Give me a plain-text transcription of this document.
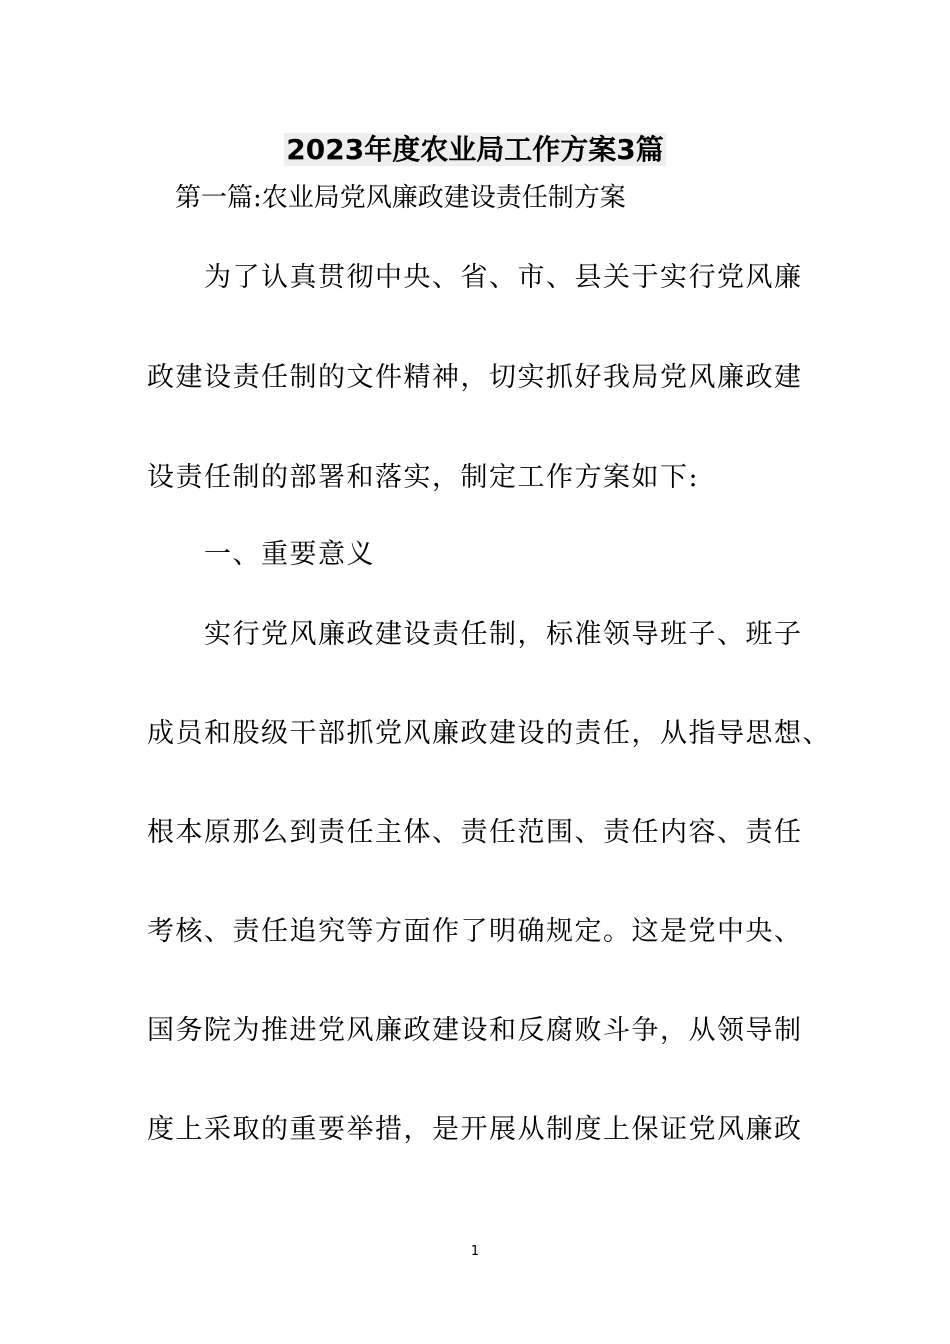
2023年度农业局工作方案3篇

第一篇:农业局党风廉政建设责任制方案

为了认真贯彻中央、省、市、县关于实行党风廉

政建设责任制的文件精神，切实抓好我局党风廉政建

设责任制的部署和落实，制定工作方案如下:

一、重要意义

实行党风廉政建设责任制，标准领导班子、班子

成员和股级干部抓党风廉政建设的责任，从指导思想、

根本原那么到责任主体、责任范围、责任内容、责任

考核、责任追究等方面作了明确规定。这是党中央、

国务院为推进党风廉政建设和反腐败斗争，从领导制

度上采取的重要举措，是开展从制度上保证党风廉政

1
